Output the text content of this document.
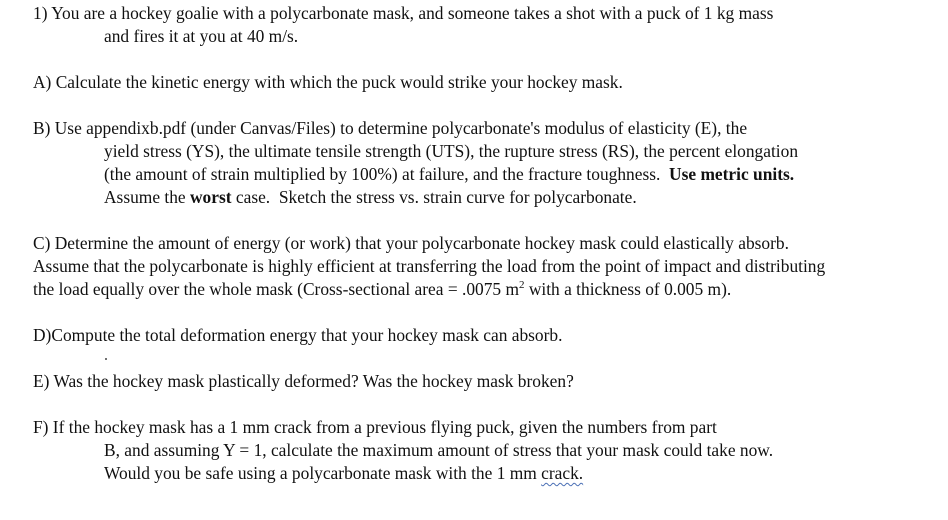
1) You are a hockey goalie with a polycarbonate mask, and someone takes a shot with a puck of 1 kg mass
and fires it at you at 40 m/s.
A) Calculate the kinetic energy with which the puck would strike your hockey mask.
B) Use appendixb.pdf (under Canvas/Files) to determine polycarbonate's modulus of elasticity (E), the
yield stress (YS), the ultimate tensile strength (UTS), the rupture stress (RS), the percent elongation
(the amount of strain multiplied by 100%) at failure, and the fracture toughness.  Use metric units.
Assume the worst case.  Sketch the stress vs. strain curve for polycarbonate.
C) Determine the amount of energy (or work) that your polycarbonate hockey mask could elastically absorb.
Assume that the polycarbonate is highly efficient at transferring the load from the point of impact and distributing
the load equally over the whole mask (Cross-sectional area = .0075 $m^2$ with a thickness of 0.005 m).
D)Compute the total deformation energy that your hockey mask can absorb.
E) Was the hockey mask plastically deformed? Was the hockey mask broken?
F) If the hockey mask has a 1 mm crack from a previous flying puck, given the numbers from part
B, and assuming Y = 1, calculate the maximum amount of stress that your mask could take now.
Would you be safe using a polycarbonate mask with the 1 mm crack.
